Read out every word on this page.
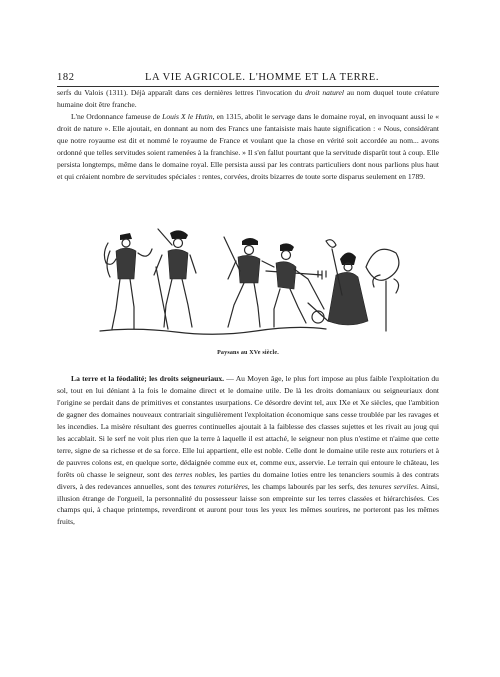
182	LA VIE AGRICOLE. L'HOMME ET LA TERRE.
serfs du Valois (1311). Déjà apparaît dans ces dernières lettres l'invocation du droit naturel au nom duquel toute créature humaine doit être franche.
L'ne Ordonnance fameuse de Louis X le Hutin, en 1315, abolit le servage dans le domaine royal, en invoquant aussi le « droit de nature ». Elle ajoutait, en donnant au nom des Francs une fantaisiste mais haute signification : « Nous, considérant que notre royaume est dit et nommé le royaume de France et voulant que la chose en vérité soit accordée au nom... avons ordonné que telles servitudes soient ramenées à la franchise. » Il s'en fallut pourtant que la servitude disparût tout à coup. Elle persista longtemps, même dans le domaine royal. Elle persista aussi par les contrats particuliers dont nous parlions plus haut et qui créaient nombre de servitudes spéciales : rentes, corvées, droits bizarres de toute sorte disparus seulement en 1789.
Paysans au XVe siècle.
La terre et la féodalité; les droits seigneuriaux. — Au Moyen âge, le plus fort impose au plus faible l'exploitation du sol, tout en lui déniant à la fois le domaine direct et le domaine utile. De là les droits domaniaux ou seigneuriaux dont l'origine se perdait dans de primitives et constantes usurpations. Ce désordre devint tel, aux IXe et Xe siècles, que l'ambition de gagner des domaines nouveaux contrariait singulièrement l'exploitation économique sans cesse troublée par les ravages et les incendies. La misère résultant des guerres continuelles ajoutait à la faiblesse des classes sujettes et les rivait au joug qui les accablait. Si le serf ne voit plus rien que la terre à laquelle il est attaché, le seigneur non plus n'estime et n'aime que cette terre, signe de sa richesse et de sa force. Elle lui appartient, elle est noble. Celle dont le domaine utile reste aux roturiers et à de pauvres colons est, en quelque sorte, dédaignée comme eux et, comme eux, asservie. Le terrain qui entoure le château, les forêts où chasse le seigneur, sont des terres nobles, les parties du domaine loties entre les tenanciers soumis à des contrats divers, à des redevances annuelles, sont des tenures roturières, les champs labourés par les serfs, des tenures serviles. Ainsi, illusion étrange de l'orgueil, la personnalité du possesseur laisse son empreinte sur les terres classées et hiérarchisées. Ces champs qui, à chaque printemps, reverdiront et auront pour tous les yeux les mêmes sourires, ne porteront pas les mêmes fruits,
